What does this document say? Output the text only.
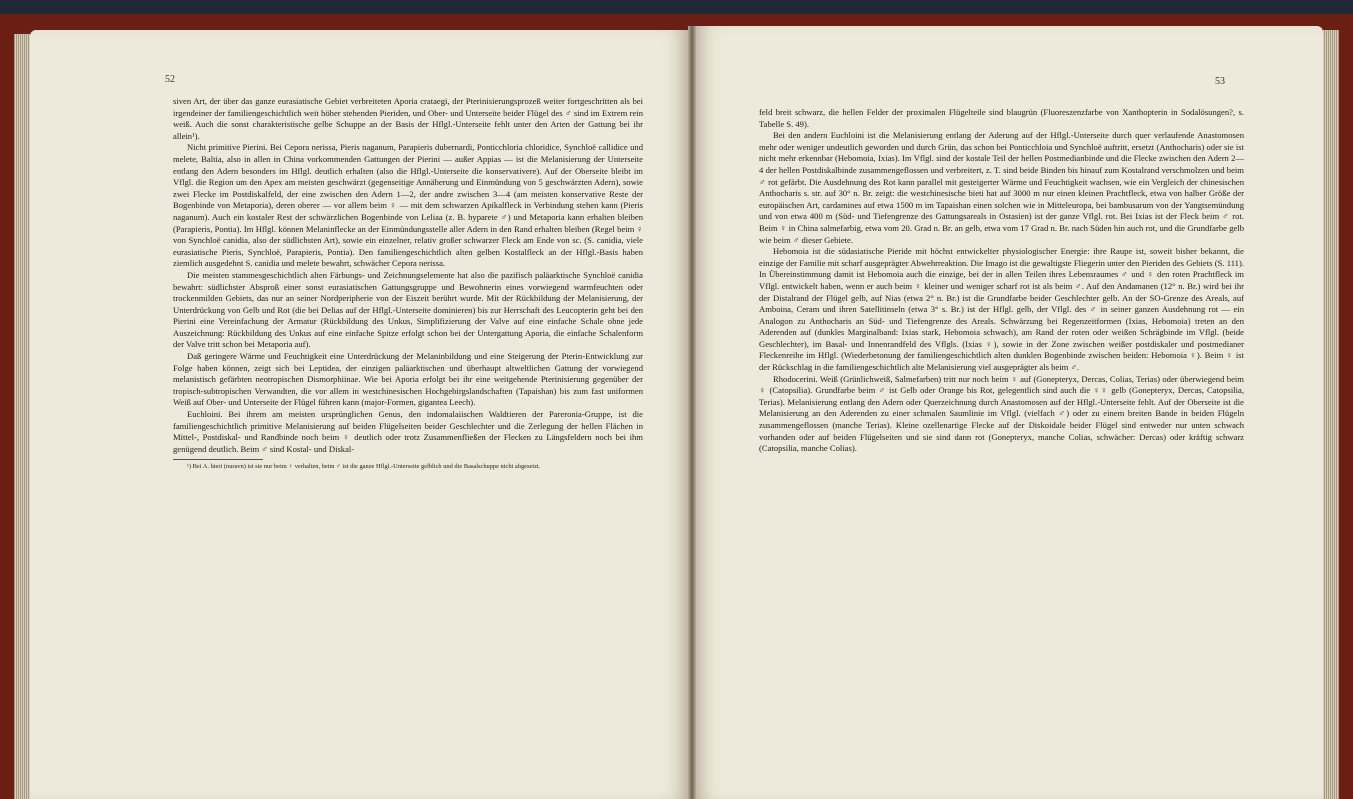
52

siven Art, der über das ganze eurasiatische Gebiet verbreiteten Aporia crataegi, der Pterinisierungsprozeß weiter fortgeschritten als bei irgendeiner der familiengeschichtlich weit höher stehenden Pieriden, und Ober- und Unterseite beider Flügel des ♂ sind im Extrem rein weiß. Auch die sonst charakteristische gelbe Schuppe an der Basis der Hflgl.-Unterseite fehlt unter den Arten der Gattung bei ihr allein¹).

Nicht primitive Pierini. Bei Cepora nerissa, Pieris naganum, Parapieris dubernardi, Ponticchloria chloridice, Synchloë callidice und melete, Baltia, also in allen in China vorkommenden Gattungen der Pierini — außer Appias — ist die Melanisierung der Unterseite entlang den Adern besonders im Hflgl. deutlich erhalten (also die Hflgl.-Unterseite die konservativere). Auf der Oberseite bleibt im Vflgl. die Region um den Apex am meisten geschwärzt (gegenseitige Annäherung und Einmündung von 5 geschwärzten Adern), sowie zwei Flecke im Postdiskalfeld, der eine zwischen den Adern 1—2, der andre zwischen 3—4 (am meisten konservative Reste der Bogenbinde von Metaporia), deren oberer — vor allem beim ♀ — mit dem schwarzen Apikalfleck in Verbindung stehen kann (Pieris naganum). Auch ein kostaler Rest der schwärzlichen Bogenbinde von Leliaa (z. B. hyparete ♂) und Metaporia kann erhalten bleiben (Parapieris, Pontia). Im Hflgl. können Melaninflecke an der Einmündungsstelle aller Adern in den Rand erhalten bleiben (Regel beim ♀ von Synchloë canidia, also der südlichsten Art), sowie ein einzelner, relativ großer schwarzer Fleck am Ende von sc. (S. canidia, viele eurasiatische Pieris, Synchloë, Parapieris, Pontia). Den familiengeschichtlich alten gelben Kostalfleck an der Hflgl.-Basis haben ziemlich ausgedehnt S. canidia und melete bewahrt, schwächer Cepora nerissa.

Die meisten stammesgeschichtlich alten Färbungs- und Zeichnungselemente hat also die pazifisch paläarktische Synchloë canidia bewahrt: südlichster Absproß einer sonst eurasiatischen Gattungsgruppe und Bewohnerin eines vorwiegend warmfeuchten oder trockenmilden Gebiets, das nur an seiner Nordperipherie von der Eiszeit berührt wurde. Mit der Rückbildung der Melanisierung, der Unterdrückung von Gelb und Rot (die bei Delias auf der Hflgl.-Unterseite dominieren) bis zur Herrschaft des Leucopterin geht bei den Pierini eine Vereinfachung der Armatur (Rückbildung des Unkus, Simplifizierung der Valve auf eine einfache Schale ohne jede Auszeichnung: Rückbildung des Unkus auf eine einfache Spitze erfolgt schon bei der Untergattung Aporia, die einfache Schalenform der Valve tritt schon bei Metaporia auf).

Daß geringere Wärme und Feuchtigkeit eine Unterdrückung der Melaninbildung und eine Steigerung der Pterin-Entwicklung zur Folge haben können, zeigt sich bei Leptidea, der einzigen paläarktischen und überhaupt altweltlichen Gattung der vorwiegend melanistisch gefärbten neotropischen Dismorphiinae. Wie bei Aporia erfolgt bei ihr eine weitgehende Pterinisierung gegenüber der tropisch-subtropischen Verwandten, die vor allem in westchinesischen Hochgebirgslandschaften (Tapaishan) bis zum fast uniformen Weiß auf Ober- und Unterseite der Flügel führen kann (major-Formen, gigantea Leech).

Euchloini. Bei ihrem am meisten ursprünglichen Genus, den indomalaiischen Waldtieren der Pareronia-Gruppe, ist die familiengeschichtlich primitive Melanisierung auf beiden Flügelseiten beider Geschlechter und die Zerlegung der hellen Flächen in Mittel-, Postdiskal- und Randbinde noch beim ♀ deutlich oder trotz Zusammenfließen der Flecken zu Längsfeldern noch bei ihm genügend deutlich. Beim ♂ sind Kostal- und Diskal-

¹) Bei A. hieri (nuravn) ist sie nur beim ♀ verhalten, beim ♂ ist die ganze Hflgl.-Unterseite gelblich und die Basalschuppe nicht abgesetzt.

53

feld breit schwarz, die hellen Felder der proximalen Flügelteile sind blaugrün (Fluoreszenzfarbe von Xanthopterin in Sodalösungen?, s. Tabelle S. 49).

Bei den andern Euchloini ist die Melanisierung entlang der Aderung auf der Hflgl.-Unterseite durch quer verlaufende Anastomosen mehr oder weniger undeutlich geworden und durch Grün, das schon bei Ponticchloia und Synchloë auftritt, ersetzt (Anthocharis) oder sie ist nicht mehr erkennbar (Hebomoia, Ixias). Im Vflgl. sind der kostale Teil der hellen Postmedianbinde und die Flecke zwischen den Adern 2—4 der hellen Postdiskalbinde zusammengeflossen und verbreitert, z. T. sind beide Binden bis hinauf zum Kostalrand verschmolzen und beim ♂ rot gefärbt. Die Ausdehnung des Rot kann parallel mit gesteigerter Wärme und Feuchtigkeit wachsen, wie ein Vergleich der chinesischen Anthocharis s. str. auf 30° n. Br. zeigt: die westchinesische bieti hat auf 3000 m nur einen kleinen Prachtfleck, etwa von halber Größe der europäischen Art, cardamines auf etwa 1500 m im Tapaishan einen solchen wie in Mitteleuropa, bei bambusarum von der Yangtsemündung und von etwa 400 m (Süd- und Tiefengrenze des Gattungsareals in Ostasien) ist der ganze Vflgl. rot. Bei Ixias ist der Fleck beim ♂ rot. Beim ♀ in China salmefarbig, etwa vom 20. Grad n. Br. an gelb, etwa vom 17 Grad n. Br. nach Süden hin auch rot, und die Grundfarbe gelb wie beim ♂ dieser Gebiete.

Hebomoia ist die südasiatische Pieride mit höchst entwickelter physiologischer Energie: ihre Raupe ist, soweit bisher bekannt, die einzige der Familie mit scharf ausgeprägter Abwehrreaktion. Die Imago ist die gewaltigste Fliegerin unter den Pieriden des Gebiets (S. 111). In Übereinstimmung damit ist Hebomoia auch die einzige, bei der in allen Teilen ihres Lebensraumes ♂ und ♀ den roten Prachtfleck im Vflgl. entwickelt haben, wenn er auch beim ♀ kleiner und weniger scharf rot ist als beim ♂. Auf den Andamanen (12° n. Br.) wird bei ihr der Distalrand der Flügel gelb, auf Nias (etwa 2° n. Br.) ist die Grundfarbe beider Geschlechter gelb. An der SO-Grenze des Areals, auf Amboina, Ceram und ihren Satellitinseln (etwa 3° s. Br.) ist der Hflgl. gelb, der Vflgl. des ♂ in seiner ganzen Ausdehnung rot — ein Analogon zu Anthocharis an Süd- und Tiefengrenze des Areals. Schwärzung bei Regenzeitformen (Ixias, Hebomoia) treten an den Aderenden auf (dunkles Marginalband: Ixias stark, Hebomoia schwach), am Rand der roten oder weißen Schrägbinde im Vflgl. (beide Geschlechter), im Basal- und Innenrandfeld des Vflgls. (Ixias ♀), sowie in der Zone zwischen weißer postdiskaler und postmedianer Fleckenreihe im Hflgl. (Wiederbetonung der familiengeschichtlich alten dunklen Bogenbinde zwischen beiden: Hebomoia ♀). Beim ♀ ist der Rückschlag in die familiengeschichtlich alte Melanisierung viel ausgeprägter als beim ♂.

Rhodocerini. Weiß (Grünlichweiß, Salmefarben) tritt nur noch beim ♀ auf (Gonepteryx, Dercas, Colias, Terias) oder überwiegend beim ♀ (Catopsilia). Grundfarbe beim ♂ ist Gelb oder Orange bis Rot, gelegentlich sind auch die ♀♀ gelb (Gonepteryx, Dercas, Catopsilia, Terias). Melanisierung entlang den Adern oder Querzeichnung durch Anastomosen auf der Hflgl.-Unterseite fehlt. Auf der Oberseite ist die Melanisierung an den Aderenden zu einer schmalen Saumlinie im Vflgl. (vielfach ♂) oder zu einem breiten Bande in beiden Flügeln zusammengeflossen (manche Terias). Kleine ozellenartige Flecke auf der Diskoidale beider Flügel sind entweder nur unten schwach vorhanden oder auf beiden Flügelseiten und sie sind dann rot (Gonepteryx, manche Colias, schwächer: Dercas) oder kräftig schwarz (Catopsilia, manche Colias).
